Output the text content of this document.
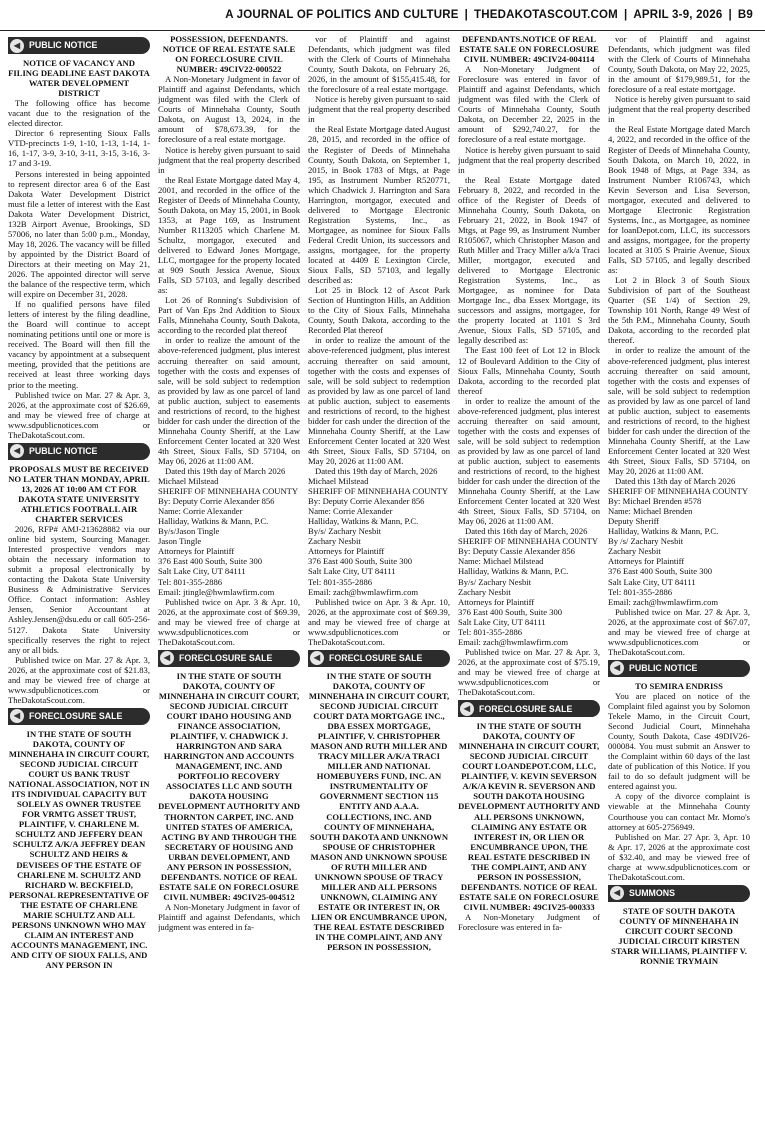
A JOURNAL OF POLITICS AND CULTURE | THEDAKOTASCOUT.COM | APRIL 3-9, 2026 | B9
◀	PUBLIC NOTICE
NOTICE OF VACANCY AND FILING DEADLINE EAST DAKOTA WATER DEVELOPMENT DISTRICT
The following office has become vacant due to the resignation of the elected director.
Director 6 representing Sioux Falls VTD-precincts 1-9, 1-10, 1-13, 1-14, 1-16, 1-17, 3-9, 3-10, 3-11, 3-15, 3-16, 3-17 and 3-19.
Persons interested in being appointed to represent director area 6 of the East Dakota Water Development District must file a letter of interest with the East Dakota Water Development District, 132B Airport Avenue, Brookings, SD 57006, no later than 5:00 p.m., Monday, May 18, 2026. The vacancy will be filled by appointed by the District Board of Directors at their meeting on May 21, 2026. The appointed director will serve the balance of the respective term, which will expire on December 31, 2028.
If no qualified persons have filed letters of interest by the filing deadline, the Board will continue to accept nominating petitions until one or more is received. The Board will then fill the vacancy by appointment at a subsequent meeting, provided that the petitions are received at least three working days prior to the meeting.
Published twice on Mar. 27 & Apr. 3, 2026, at the approximate cost of $26.69, and may be viewed free of charge at www.sdpublicnotices.com or TheDakotaScout.com.
◀	PUBLIC NOTICE
PROPOSALS MUST BE RECEIVED NO LATER THAN MONDAY, APRIL 13, 2026 AT 10:00 AM CT FOR DAKOTA STATE UNIVERSITY ATHLETICS FOOTBALL AIR CHARTER SERVICES
2026, RFP# AMJ-213628882 via our online bid system, Sourcing Manager. Interested prospective vendors may obtain the necessary information to submit a proposal electronically by contacting the Dakota State University Business & Administrative Services Office. Contact information: Ashley Jensen, Senior Accountant at Ashley.Jensen@dsu.edu or call 605-256-5127. Dakota State University specifically reserves the right to reject any or all bids.
Published twice on Mar. 27 & Apr. 3, 2026, at the approximate cost of $21.83, and may be viewed free of charge at www.sdpublicnotices.com or TheDakotaScout.com.
◀	FORECLOSURE SALE
IN THE STATE OF SOUTH DAKOTA, COUNTY OF MINNEHAHA IN CIRCUIT COURT, SECOND JUDICIAL CIRCUIT COURT US BANK TRUST NATIONAL ASSOCIATION, NOT IN ITS INDIVIDUAL CAPACITY BUT SOLELY AS OWNER TRUSTEE FOR VRMTG ASSET TRUST, PLAINTIFF, V. CHARLENE M. SCHULTZ AND JEFFERY DEAN SCHULTZ A/K/A JEFFREY DEAN SCHULTZ AND HEIRS & DEVISEES OF THE ESTATE OF CHARLENE M. SCHULTZ AND RICHARD W. BECKFIELD, PERSONAL REPRESENTATIVE OF THE ESTATE OF CHARLENE MARIE SCHULTZ AND ALL PERSONS UNKNOWN WHO MAY CLAIM AN INTEREST AND ACCOUNTS MANAGEMENT, INC. AND CITY OF SIOUX FALLS, AND ANY PERSON IN
POSSESSION, DEFENDANTS. NOTICE OF REAL ESTATE SALE ON FORECLOSURE CIVIL NUMBER: 49CIV22-000522
A Non-Monetary Judgment in favor of Plaintiff and against Defendants, which judgment was filed with the Clerk of Courts of Minnehaha County, South Dakota, on August 13, 2024, in the amount of $78,673.39, for the foreclosure of a real estate mortgage.
Notice is hereby given pursuant to said judgment that the real property described in
the Real Estate Mortgage dated May 4, 2001, and recorded in the office of the Register of Deeds of Minnehaha County, South Dakota, on May 15, 2001, in Book 1353, at Page 169, as Instrument Number R113205 which Charlene M. Schultz, mortgagor, executed and delivered to Edward Jones Mortgage, LLC, mortgagee for the property located at 909 South Jessica Avenue, Sioux Falls, SD 57103, and legally described as:
Lot 26 of Ronning's Subdivision of Part of Van Eps 2nd Addition to Sioux Falls, Minnehaha County, South Dakota, according to the recorded plat thereof
in order to realize the amount of the above-referenced judgment, plus interest accruing thereafter on said amount, together with the costs and expenses of sale, will be sold subject to redemption as provided by law as one parcel of land at public auction, subject to easements and restrictions of record, to the highest bidder for cash under the direction of the Minnehaha County Sheriff, at the Law Enforcement Center located at 320 West 4th Street, Sioux Falls, SD 57104, on May 06, 2026 at 11:00 AM.
Dated this 19th day of March 2026
Michael Milstead
SHERIFF OF MINNEHAHA COUNTY
By: Deputy Corrie Alexander 856
Name: Corrie Alexander
Halliday, Watkins & Mann, P.C.
By/s/Jason Tingle
Jason Tingle
Attorneys for Plaintiff
376 East 400 South, Suite 300
Salt Lake City, UT 84111
Tel: 801-355-2886
Email: jtingle@hwmlawfirm.com
Published twice on Apr. 3 & Apr. 10, 2026, at the approximate cost of $69.39, and may be viewed free of charge at www.sdpublicnotices.com or TheDakotaScout.com.
◀	FORECLOSURE SALE
IN THE STATE OF SOUTH DAKOTA, COUNTY OF MINNEHAHA IN CIRCUIT COURT, SECOND JUDICIAL CIRCUIT COURT IDAHO HOUSING AND FINANCE ASSOCIATION, PLAINTIFF, V. CHADWICK J. HARRINGTON AND SARA HARRINGTON AND ACCOUNTS MANAGEMENT, INC. AND PORTFOLIO RECOVERY ASSOCIATES LLC AND SOUTH DAKOTA HOUSING DEVELOPMENT AUTHORITY AND THORNTON CARPET, INC. AND UNITED STATES OF AMERICA, ACTING BY AND THROUGH THE SECRETARY OF HOUSING AND URBAN DEVELOPMENT, AND ANY PERSON IN POSSESSION, DEFENDANTS. NOTICE OF REAL ESTATE SALE ON FORECLOSURE CIVIL NUMBER: 49CIV25-004512
A Non-Monetary Judgment in favor of Plaintiff and against Defendants, which judgment was entered in fa-
vor of Plaintiff and against Defendants, which judgment was filed with the Clerk of Courts of Minnehaha County, South Dakota, on February 26, 2026, in the amount of $155,415.48, for the foreclosure of a real estate mortgage.
Notice is hereby given pursuant to said judgment that the real property described in
the Real Estate Mortgage dated August 28, 2015, and recorded in the office of the Register of Deeds of Minnehaha County, South Dakota, on September 1, 2015, in Book 1783 of Mtgs, at Page 195, as Instrument Number R520771, which Chadwick J. Harrington and Sara Harrington, mortgagor, executed and delivered to Mortgage Electronic Registration Systems, Inc., as Mortgagee, as nominee for Sioux Falls Federal Credit Union, its successors and assigns, mortgagee, for the property located at 4409 E Lexington Circle, Sioux Falls, SD 57103, and legally described as:
Lot 25 in Block 12 of Ascot Park Section of Huntington Hills, an Addition to the City of Sioux Falls, Minnehaha County, South Dakota, according to the Recorded Plat thereof
in order to realize the amount of the above-referenced judgment, plus interest accruing thereafter on said amount, together with the costs and expenses of sale, will be sold subject to redemption as provided by law as one parcel of land at public auction, subject to easements and restrictions of record, to the highest bidder for cash under the direction of the Minnehaha County Sheriff, at the Law Enforcement Center located at 320 West 4th Street, Sioux Falls, SD 57104, on May 20, 2026 at 11:00 AM.
Dated this 19th day of March, 2026
Michael Milstead
SHERIFF OF MINNEHAHA COUNTY
By: Deputy Corrie Alexander 856
Name: Corrie Alexander
Halliday, Watkins & Mann, P.C.
By/s/ Zachary Nesbit
Zachary Nesbit
Attorneys for Plaintiff
376 East 400 South, Suite 300
Salt Lake City, UT 84111
Tel: 801-355-2886
Email: zach@hwmlawfirm.com
Published twice on Apr. 3 & Apr. 10, 2026, at the approximate cost of $69.39, and may be viewed free of charge at www.sdpublicnotices.com or TheDakotaScout.com.
◀	FORECLOSURE SALE
IN THE STATE OF SOUTH DAKOTA, COUNTY OF MINNEHAHA IN CIRCUIT COURT, SECOND JUDICIAL CIRCUIT COURT DATA MORTGAGE INC., DBA ESSEX MORTGAGE, PLAINTIFF, V. CHRISTOPHER MASON AND RUTH MILLER AND TRACY MILLER A/K/A TRACI MILLER AND NATIONAL HOMEBUYERS FUND, INC. AN INSTRUMENTALITY OF GOVERNMENT SECTION 115 ENTITY AND A.A.A. COLLECTIONS, INC. AND COUNTY OF MINNEHAHA, SOUTH DAKOTA AND UNKNOWN SPOUSE OF CHRISTOPHER MASON AND UNKNOWN SPOUSE OF RUTH MILLER AND UNKNOWN SPOUSE OF TRACY MILLER AND ALL PERSONS UNKNOWN, CLAIMING ANY ESTATE OR INTEREST IN, OR LIEN OR ENCUMBRANCE UPON, THE REAL ESTATE DESCRIBED IN THE COMPLAINT, AND ANY PERSON IN POSSESSION,
DEFENDANTS.NOTICE OF REAL ESTATE SALE ON FORECLOSURE CIVIL NUMBER: 49CIV24-004114
A Non-Monetary Judgment of Foreclosure was entered in favor of Plaintiff and against Defendants, which judgment was filed with the Clerk of Courts of Minnehaha County, South Dakota, on December 22, 2025 in the amount of $292,740.27, for the foreclosure of a real estate mortgage.
Notice is hereby given pursuant to said judgment that the real property described in
the Real Estate Mortgage dated February 8, 2022, and recorded in the office of the Register of Deeds of Minnehaha County, South Dakota, on February 21, 2022, in Book 1947 of Mtgs, at Page 99, as Instrument Number R105067, which Christopher Mason and Ruth Miller and Tracy Miller a/k/a Traci Miller, mortgagor, executed and delivered to Mortgage Electronic Registration Systems, Inc., as Mortgagee, as nominee for Data Mortgage Inc., dba Essex Mortgage, its successors and assigns, mortgagee, for the property located at 1101 S 3rd Avenue, Sioux Falls, SD 57105, and legally described as:
The East 100 feet of Lot 12 in Block 12 of Boulevard Addition to the City of Sioux Falls, Minnehaha County, South Dakota, according to the recorded plat thereof
in order to realize the amount of the above-referenced judgment, plus interest accruing thereafter on said amount, together with the costs and expenses of sale, will be sold subject to redemption as provided by law as one parcel of land at public auction, subject to easements and restrictions of record, to the highest bidder for cash under the direction of the Minnehaha County Sheriff, at the Law Enforcement Center located at 320 West 4th Street, Sioux Falls, SD 57104, on May 06, 2026 at 11:00 AM.
Dated this 16th day of March, 2026
SHERIFF OF MINNEHAHA COUNTY
By: Deputy Cassie Alexander 856
Name: Michael Milstead
Halliday, Watkins & Mann, P.C.
By/s/ Zachary Nesbit
Zachary Nesbit
Attorneys for Plaintiff
376 East 400 South, Suite 300
Salt Lake City, UT 84111
Tel: 801-355-2886
Email: zach@hwmlawfirm.com
Published twice on Mar. 27 & Apr. 3, 2026, at the approximate cost of $75.19, and may be viewed free of charge at www.sdpublicnotices.com or TheDakotaScout.com.
◀	FORECLOSURE SALE
IN THE STATE OF SOUTH DAKOTA, COUNTY OF MINNEHAHA IN CIRCUIT COURT, SECOND JUDICIAL CIRCUIT COURT LOANDEPOT.COM, LLC, PLAINTIFF, V. KEVIN SEVERSON A/K/A KEVIN R. SEVERSON AND SOUTH DAKOTA HOUSING DEVELOPMENT AUTHORITY AND ALL PERSONS UNKNOWN, CLAIMING ANY ESTATE OR INTEREST IN, OR LIEN OR ENCUMBRANCE UPON, THE REAL ESTATE DESCRIBED IN THE COMPLAINT, AND ANY PERSON IN POSSESSION, DEFENDANTS. NOTICE OF REAL ESTATE SALE ON FORECLOSURE CIVIL NUMBER: 49CIV25-000333
A Non-Monetary Judgment of Foreclosure was entered in fa-
vor of Plaintiff and against Defendants, which judgment was filed with the Clerk of Courts of Minnehaha County, South Dakota, on May 22, 2025, in the amount of $179,989.51, for the foreclosure of a real estate mortgage.
Notice is hereby given pursuant to said judgment that the real property described in
the Real Estate Mortgage dated March 4, 2022, and recorded in the office of the Register of Deeds of Minnehaha County, South Dakota, on March 10, 2022, in Book 1948 of Mtgs, at Page 334, as Instrument Number R106743, which Kevin Severson and Lisa Severson, mortgagor, executed and delivered to Mortgage Electronic Registration Systems, Inc., as Mortgagee, as nominee for loanDepot.com, LLC, its successors and assigns, mortgagee, for the property located at 3105 S Prairie Avenue, Sioux Falls, SD 57105, and legally described as:
Lot 2 in Block 3 of South Sioux Subdivision of part of the Southeast Quarter (SE 1/4) of Section 29, Township 101 North, Range 49 West of the 5th P.M., Minnehaha County, South Dakota, according to the recorded plat thereof.
in order to realize the amount of the above-referenced judgment, plus interest accruing thereafter on said amount, together with the costs and expenses of sale, will be sold subject to redemption as provided by law as one parcel of land at public auction, subject to easements and restrictions of record, to the highest bidder for cash under the direction of the Minnehaha County Sheriff, at the Law Enforcement Center located at 320 West 4th Street, Sioux Falls, SD 57104, on May 20, 2026 at 11:00 AM.
Dated this 13th day of March 2026
SHERIFF OF MINNEHAHA COUNTY
By: Michael Brenden #578
Name: Michael Brenden
Deputy Sheriff
Halliday, Watkins & Mann, P.C.
By /s/ Zachary Nesbit
Zachary Nesbit
Attorneys for Plaintiff
376 East 400 South, Suite 300
Salt Lake City, UT 84111
Tel: 801-355-2886
Email: zach@hwmlawfirm.com
Published twice on Mar. 27 & Apr. 3, 2026, at the approximate cost of $67.07, and may be viewed free of charge at www.sdpublicnotices.com or TheDakotaScout.com.
◀	PUBLIC NOTICE
TO SEMIRA ENDRISS
You are placed on notice of the Complaint filed against you by Solomon Tekele Mamo, in the Circuit Court, Second Judicial Court, Minnehaha County, South Dakota, Case 49DIV26-000084. You must submit an Answer to the Complaint within 60 days of the last date of publication of this Notice. If you fail to do so default judgment will be entered against you.
A copy of the divorce complaint is viewable at the Minnehaha County Courthouse you can contact Mr. Momo's attorney at 605-2756949.
Published on Mar. 27 Apr. 3, Apr. 10 & Apr. 17, 2026 at the approximate cost of $32.40, and may be viewed free of charge at www.sdpublicnotices.com or TheDakotaScout.com.
◀	SUMMONS
STATE OF SOUTH DAKOTA COUNTY OF MINNEHAHA IN CIRCUIT COURT SECOND JUDICIAL CIRCUIT KIRSTEN STARR WILLIAMS, PLAINTIFF V. RONNIE TRYMAIN
